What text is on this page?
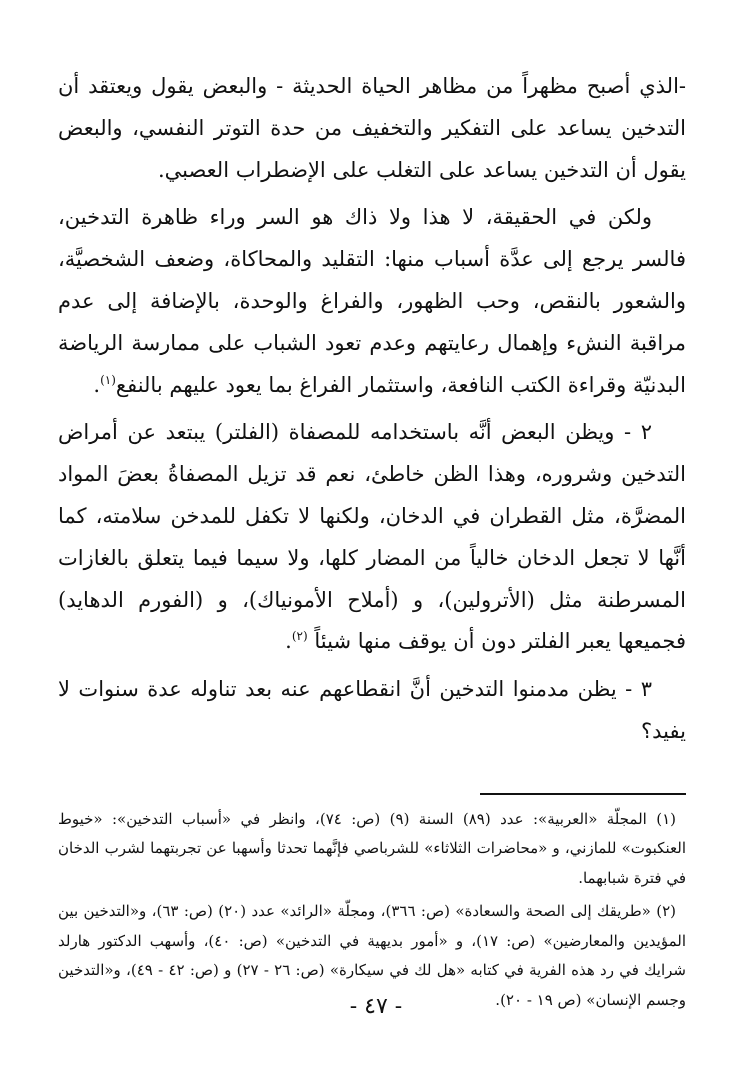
-الذي أصبح مظهراً من مظاهر الحياة الحديثة - والبعض يقول ويعتقد أن التدخين يساعد على التفكير والتخفيف من حدة التوتر النفسي، والبعض يقول أن التدخين يساعد على التغلب على الإضطراب العصبي.

ولكن في الحقيقة، لا هذا ولا ذاك هو السر وراء ظاهرة التدخين، فالسر يرجع إلى عدَّة أسباب منها: التقليد والمحاكاة، وضعف الشخصيَّة، والشعور بالنقص، وحب الظهور، والفراغ والوحدة، بالإضافة إلى عدم مراقبة النشء وإهمال رعايتهم وعدم تعود الشباب على ممارسة الرياضة البدنيّة وقراءة الكتب النافعة، واستثمار الفراغ بما يعود عليهم بالنفع$^{(١)}$.

٢ - ويظن البعض أنَّه باستخدامه للمصفاة (الفلتر) يبتعد عن أمراض التدخين وشروره، وهذا الظن خاطئ، نعم قد تزيل المصفاةُ بعضَ المواد المضرَّة، مثل القطران في الدخان، ولكنها لا تكفل للمدخن سلامته، كما أنَّها لا تجعل الدخان خالياً من المضار كلها، ولا سيما فيما يتعلق بالغازات المسرطنة مثل (الأترولين)، و (أملاح الأمونياك)، و (الفورم الدهايد) فجميعها يعبر الفلتر دون أن يوقف منها شيئاً $^{(٢)}$.

٣ - يظن مدمنوا التدخين أنَّ انقطاعهم عنه بعد تناوله عدة سنوات لا يفيد؟

(١) المجلّة «العربية»: عدد (٨٩) السنة (٩) (ص: ٧٤)، وانظر في «أسباب التدخين»: «خيوط العنكبوت» للمازني، و «محاضرات الثلاثاء» للشرباصي فإنَّهما تحدثا وأسهبا عن تجربتهما لشرب الدخان في فترة شبابهما.

(٢) «طريقك إلى الصحة والسعادة» (ص: ٣٦٦)، ومجلّة «الرائد» عدد (٢٠) (ص: ٦٣)، و«التدخين بين المؤيدين والمعارضين» (ص: ١٧)، و «أمور بديهية في التدخين» (ص: ٤٠)، وأسهب الدكتور هارلد شرايك في رد هذه الفرية في كتابه «هل لك في سيكارة» (ص: ٢٦ - ٢٧) و (ص: ٤٢ - ٤٩)، و«التدخين وجسم الإنسان» (ص ١٩ - ٢٠).

- ٤٧ -
